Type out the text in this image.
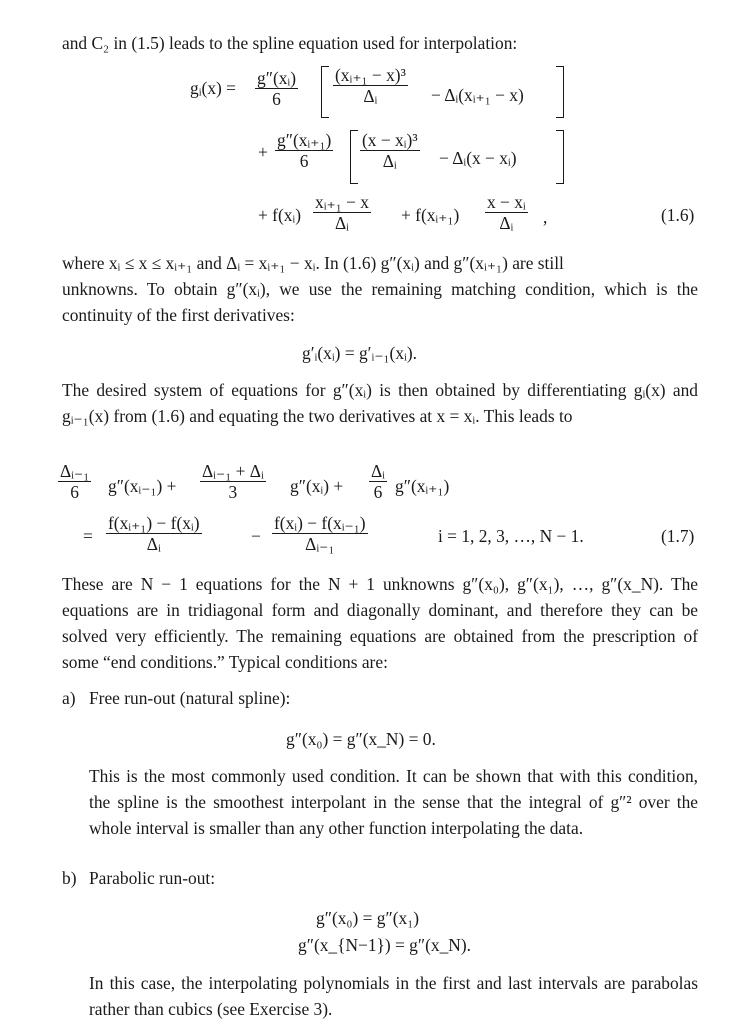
and C₂ in (1.5) leads to the spline equation used for interpolation:
gᵢ(x) = $\frac{\text{g″(xᵢ)}}{6} \frac{\text{(xᵢ₊₁ − x)³}}{\text{Δᵢ}}$ − Δᵢ(xᵢ₊₁ − x)
+ $\frac{\text{g″(xᵢ₊₁)}}{6} \frac{\text{(x − xᵢ)³}}{\text{Δᵢ}}$ − Δᵢ(x − xᵢ)
+ f(xᵢ) $\frac{\text{xᵢ₊₁ − x}}{\text{Δᵢ}}$ + f(xᵢ₊₁) $\frac{\text{x − xᵢ}}{\text{Δᵢ}}$ ,	(1.6)
where xᵢ ≤ x ≤ xᵢ₊₁ and Δᵢ = xᵢ₊₁ − xᵢ. In (1.6) g″(xᵢ) and g″(xᵢ₊₁) are still
unknowns. To obtain g″(xᵢ), we use the remaining matching condition, which is the continuity of the first derivatives:
g′ᵢ(xᵢ) = g′ᵢ₋₁(xᵢ).
The desired system of equations for g″(xᵢ) is then obtained by differentiating gᵢ(x) and gᵢ₋₁(x) from (1.6) and equating the two derivatives at x = xᵢ. This leads to
$\frac{\text{Δᵢ₋₁}}{6}$ g″(xᵢ₋₁) + $\frac{\text{Δᵢ₋₁ + Δᵢ}}{3}$ g″(xᵢ) + $\frac{\text{Δᵢ}}{6}$ g″(xᵢ₊₁)
= $\frac{\text{f(xᵢ₊₁) − f(xᵢ)}}{\text{Δᵢ}}$	− $\frac{\text{f(xᵢ) − f(xᵢ₋₁)}}{\text{Δᵢ₋₁}}$	i = 1, 2, 3, …, N − 1.	(1.7)
These are N − 1 equations for the N + 1 unknowns g″(x₀), g″(x₁), …, g″(x_N). The equations are in tridiagonal form and diagonally dominant, and therefore they can be solved very efficiently. The remaining equations are obtained from the prescription of some “end conditions.” Typical conditions are:
a) Free run-out (natural spline):
g″(x₀) = g″(x_N) = 0.
This is the most commonly used condition. It can be shown that with this condition, the spline is the smoothest interpolant in the sense that the integral of g″² over the whole interval is smaller than any other function interpolating the data.
b) Parabolic run-out:
g″(x₀) = g″(x₁)
g″(x_{N−1}) = g″(x_N).
In this case, the interpolating polynomials in the first and last intervals are parabolas rather than cubics (see Exercise 3).
